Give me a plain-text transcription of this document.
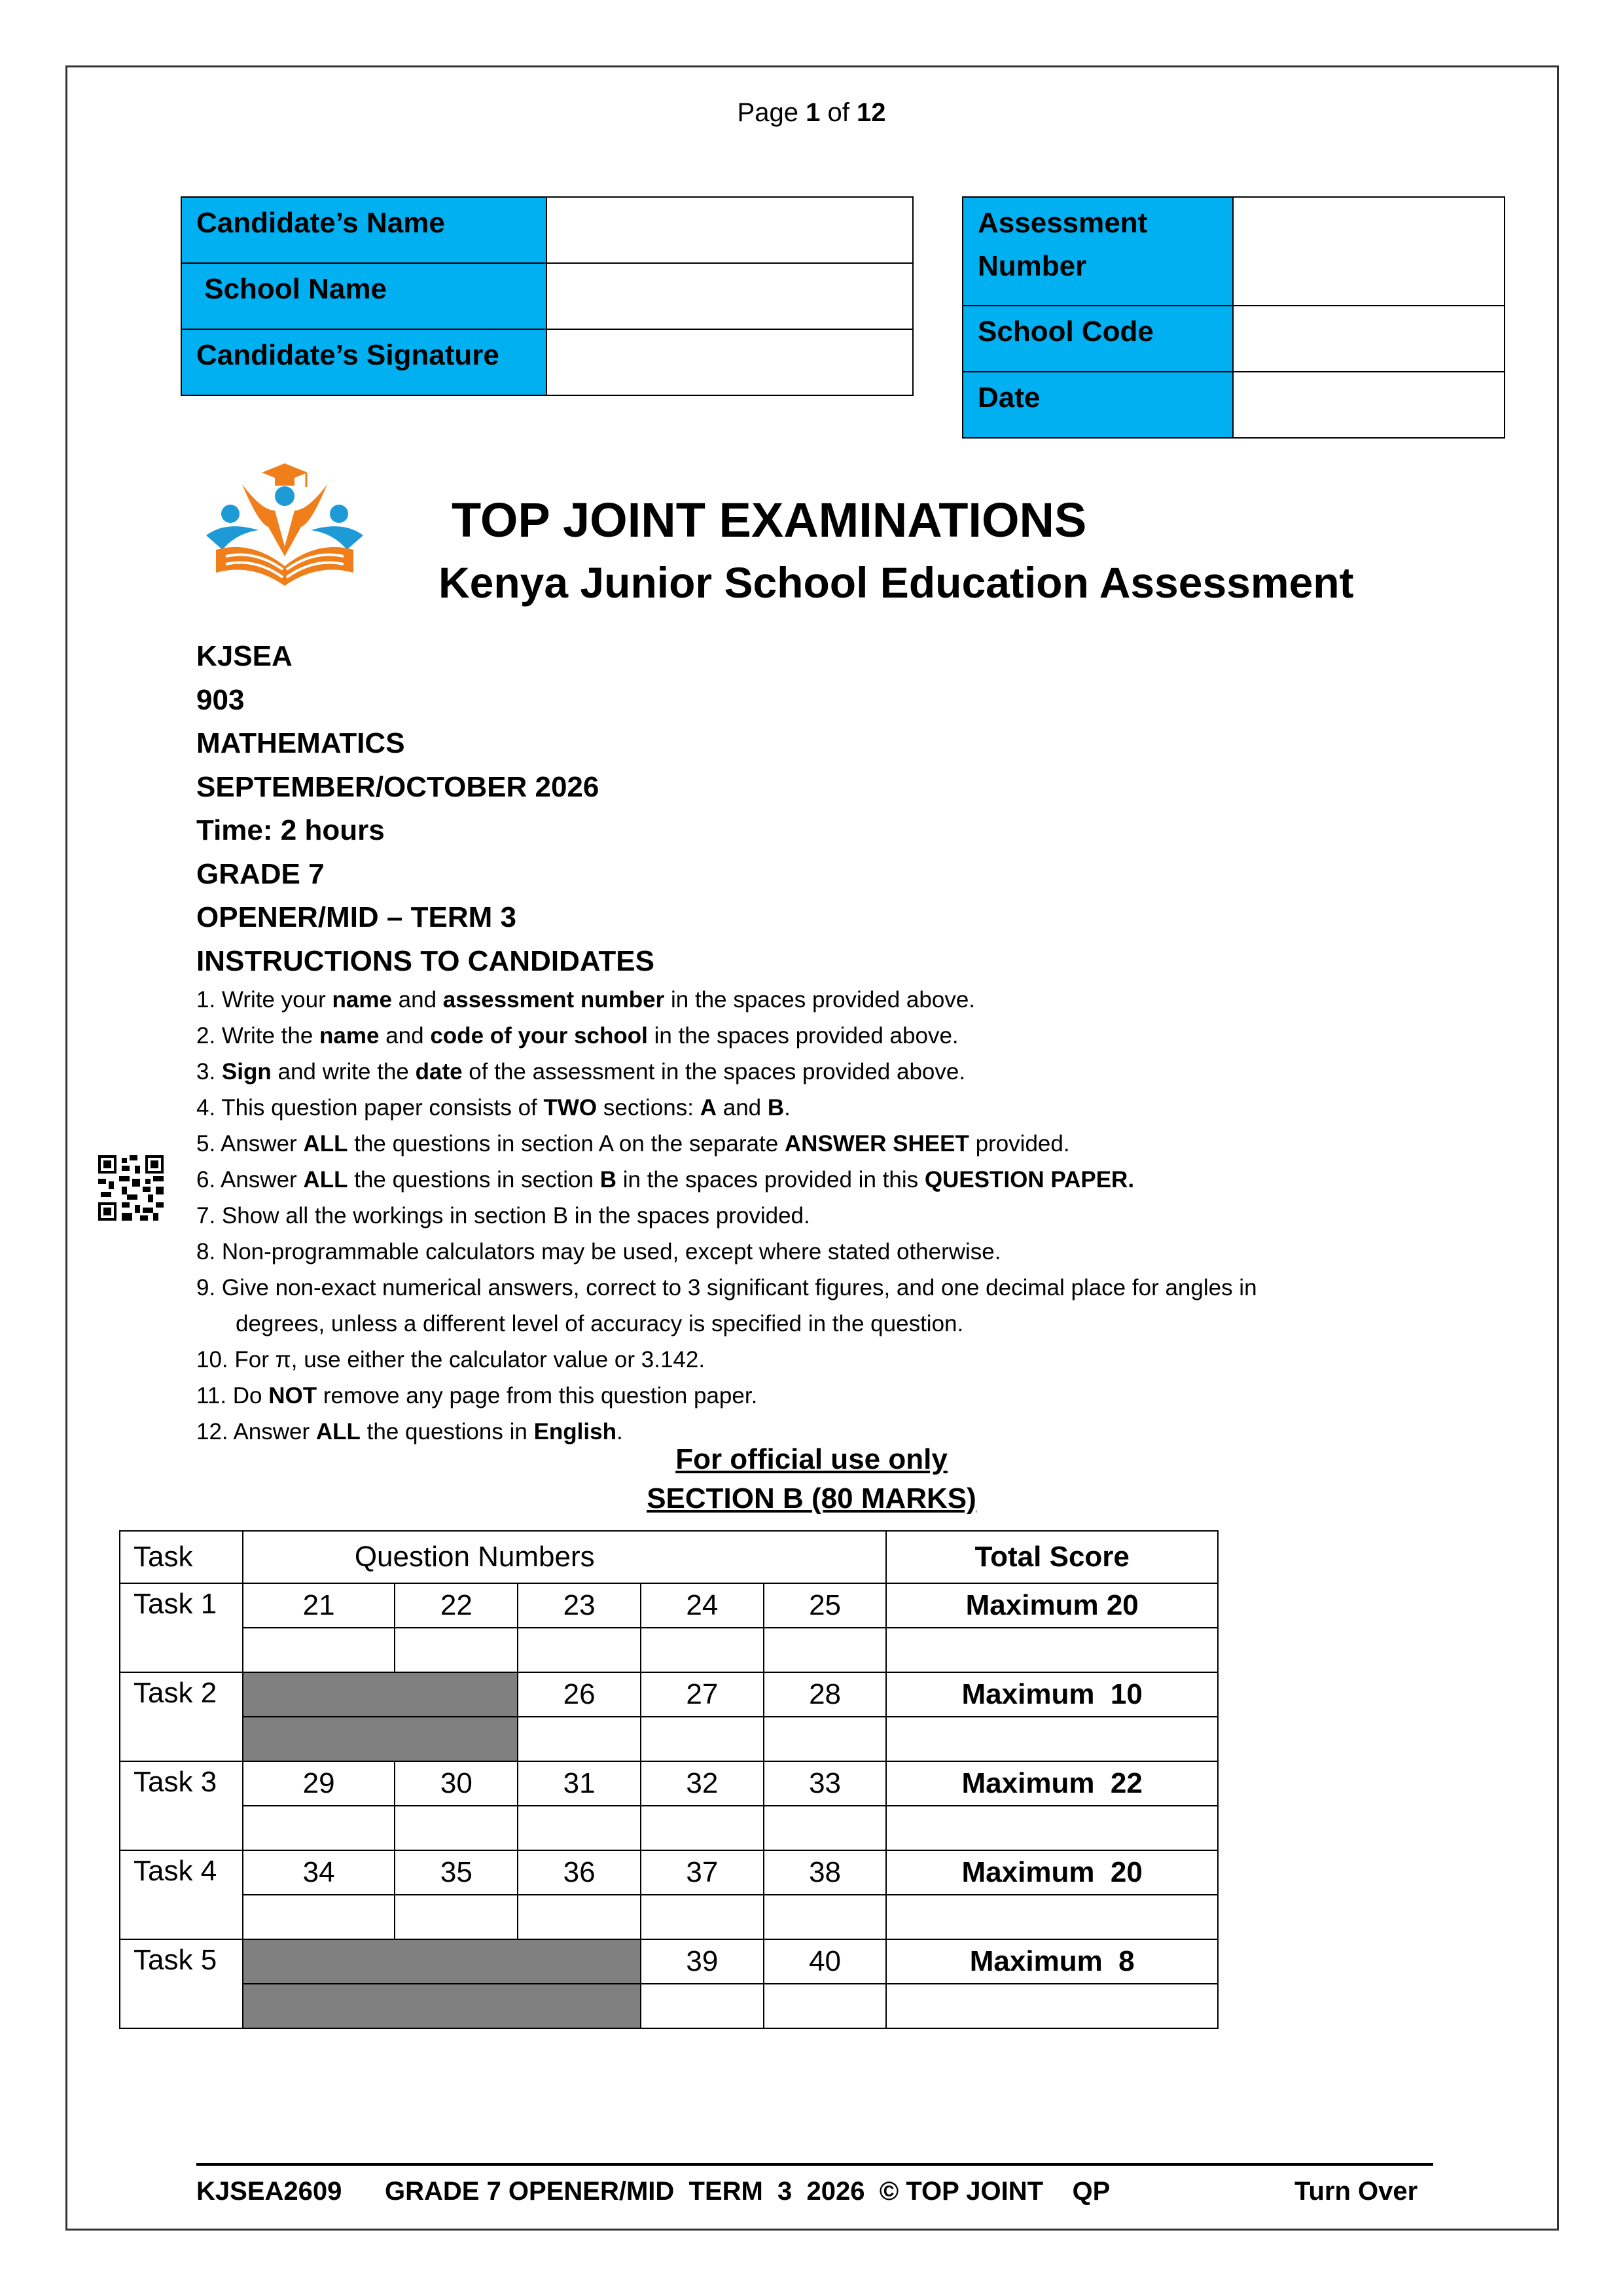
Page 1 of 12
Candidate’s Name	
School Name	
Candidate’s Signature	
Assessment Number	
School Code	
Date	
TOP JOINT EXAMINATIONS
Kenya Junior School Education Assessment
KJSEA
903
MATHEMATICS
SEPTEMBER/OCTOBER 2026
Time: 2 hours
GRADE 7
OPENER/MID – TERM 3
INSTRUCTIONS TO CANDIDATES
1. Write your name and assessment number in the spaces provided above.
2. Write the name and code of your school in the spaces provided above.
3. Sign and write the date of the assessment in the spaces provided above.
4. This question paper consists of TWO sections: A and B.
5. Answer ALL the questions in section A on the separate ANSWER SHEET provided.
6. Answer ALL the questions in section B in the spaces provided in this QUESTION PAPER.
7. Show all the workings in section B in the spaces provided.
8. Non-programmable calculators may be used, except where stated otherwise.
9. Give non-exact numerical answers, correct to 3 significant figures, and one decimal place for angles in
degrees, unless a different level of accuracy is specified in the question.
10. For π, use either the calculator value or 3.142.
11. Do NOT remove any page from this question paper.
12. Answer ALL the questions in English.
For official use only
SECTION B (80 MARKS)
Task	Question Numbers					Total Score
Task 1	21	22	23	24	25	Maximum 20

Task 2			26	27	28	Maximum  10

Task 3	29	30	31	32	33	Maximum  22

Task 4	34	35	36	37	38	Maximum  20

Task 5				39	40	Maximum  8

KJSEA2609 GRADE 7 OPENER/MID  TERM  3  2026  © TOP JOINT    QP	Turn Over
